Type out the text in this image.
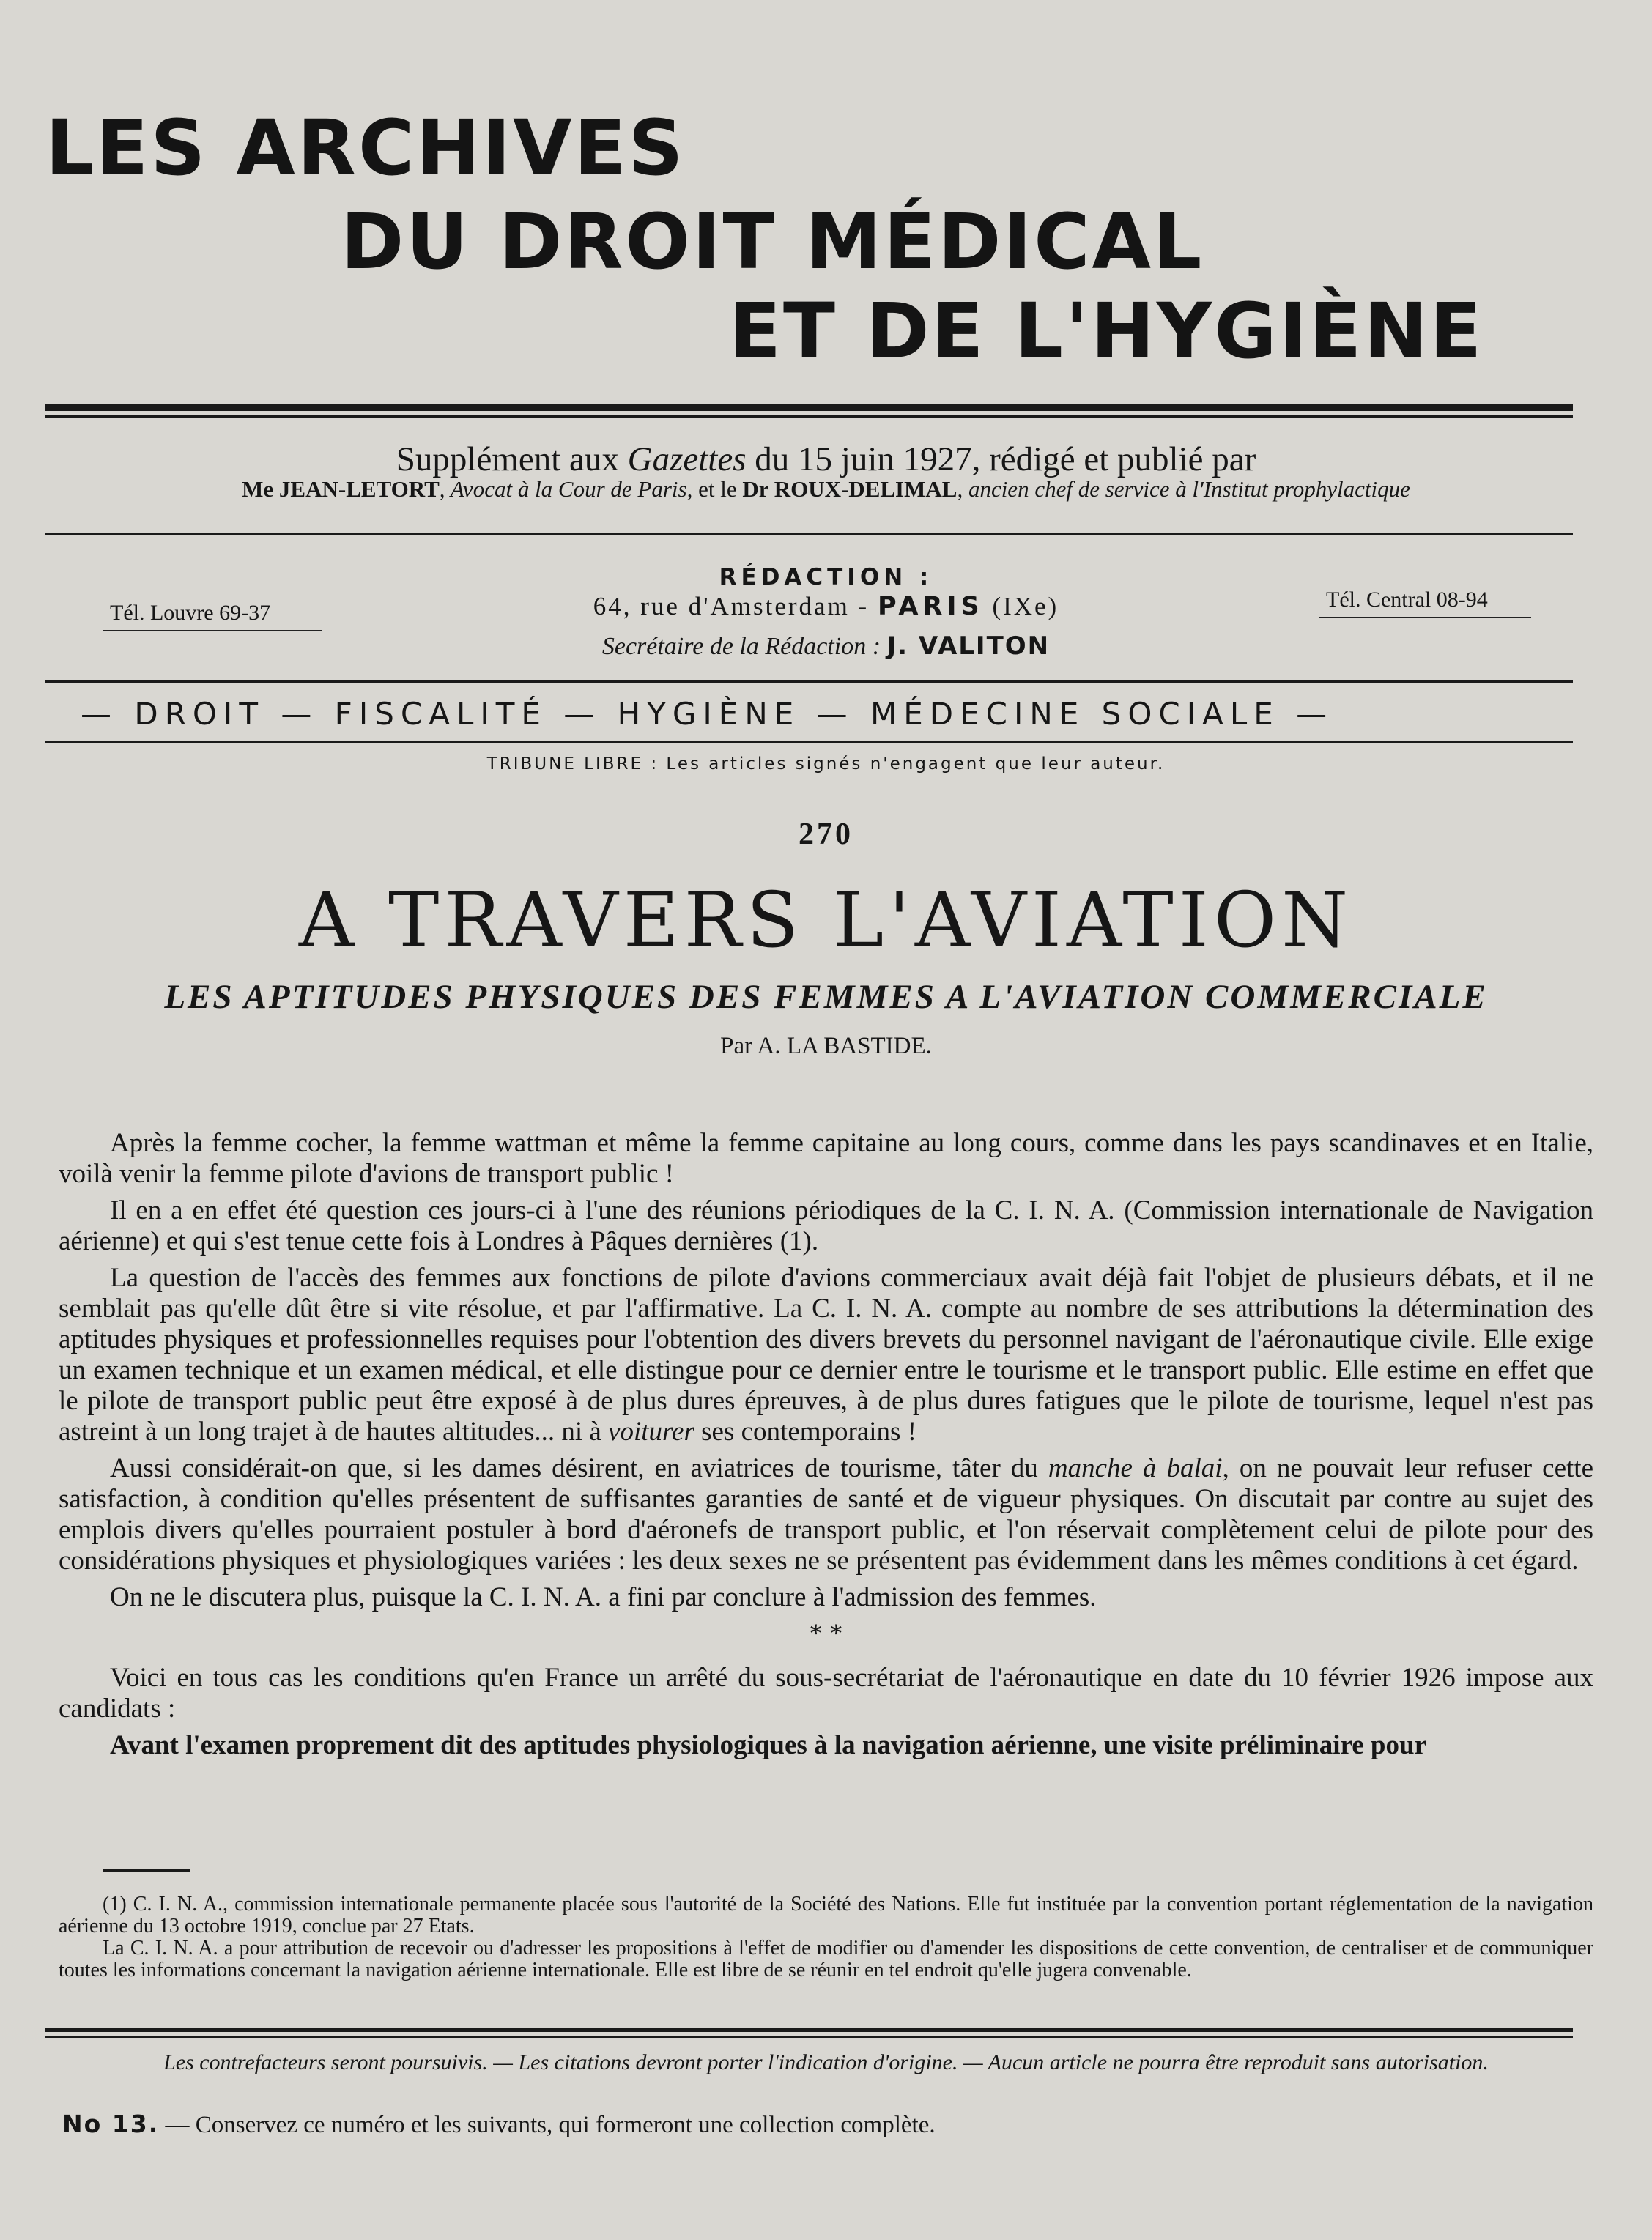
LES ARCHIVES
DU DROIT MÉDICAL
ET DE L'HYGIÈNE
Supplément aux Gazettes du 15 juin 1927, rédigé et publié par
Me JEAN-LETORT, Avocat à la Cour de Paris, et le Dr ROUX-DELIMAL, ancien chef de service à l'Institut prophylactique
RÉDACTION :
Tél. Louvre 69-37	64, rue d'Amsterdam - PARIS (IXe)	Tél. Central 08-94
Secrétaire de la Rédaction : J. VALITON
— DROIT — FISCALITÉ — HYGIÈNE — MÉDECINE SOCIALE —
TRIBUNE LIBRE : Les articles signés n'engagent que leur auteur.
270
A TRAVERS L'AVIATION
LES APTITUDES PHYSIQUES DES FEMMES A L'AVIATION COMMERCIALE
Par A. LA BASTIDE.

Après la femme cocher, la femme wattman et même la femme capitaine au long cours, comme dans les pays scandinaves et en Italie, voilà venir la femme pilote d'avions de transport public !

Il en a en effet été question ces jours-ci à l'une des réunions périodiques de la C. I. N. A. (Commission internationale de Navigation aérienne) et qui s'est tenue cette fois à Londres à Pâques dernières (1).

La question de l'accès des femmes aux fonctions de pilote d'avions commerciaux avait déjà fait l'objet de plusieurs débats, et il ne semblait pas qu'elle dût être si vite résolue, et par l'affirmative. La C. I. N. A. compte au nombre de ses attributions la détermination des aptitudes physiques et professionnelles requises pour l'obtention des divers brevets du personnel navigant de l'aéronautique civile. Elle exige un examen technique et un examen médical, et elle distingue pour ce dernier entre le tourisme et le transport public. Elle estime en effet que le pilote de transport public peut être exposé à de plus dures épreuves, à de plus dures fatigues que le pilote de tourisme, lequel n'est pas astreint à un long trajet à de hautes altitudes... ni à voiturer ses contemporains !

Aussi considérait-on que, si les dames désirent, en aviatrices de tourisme, tâter du manche à balai, on ne pouvait leur refuser cette satisfaction, à condition qu'elles présentent de suffisantes garanties de santé et de vigueur physiques. On discutait par contre au sujet des emplois divers qu'elles pourraient postuler à bord d'aéronefs de transport public, et l'on réservait complètement celui de pilote pour des considérations physiques et physiologiques variées : les deux sexes ne se présentent pas évidemment dans les mêmes conditions à cet égard.

On ne le discutera plus, puisque la C. I. N. A. a fini par conclure à l'admission des femmes.

* *

Voici en tous cas les conditions qu'en France un arrêté du sous-secrétariat de l'aéronautique en date du 10 février 1926 impose aux candidats :

Avant l'examen proprement dit des aptitudes physiologiques à la navigation aérienne, une visite préliminaire pour

(1) C. I. N. A., commission internationale permanente placée sous l'autorité de la Société des Nations. Elle fut instituée par la convention portant réglementation de la navigation aérienne du 13 octobre 1919, conclue par 27 Etats.

La C. I. N. A. a pour attribution de recevoir ou d'adresser les propositions à l'effet de modifier ou d'amender les dispositions de cette convention, de centraliser et de communiquer toutes les informations concernant la navigation aérienne internationale. Elle est libre de se réunir en tel endroit qu'elle jugera convenable.

Les contrefacteurs seront poursuivis. — Les citations devront porter l'indication d'origine. — Aucun article ne pourra être reproduit sans autorisation.
No 13. — Conservez ce numéro et les suivants, qui formeront une collection complète.
